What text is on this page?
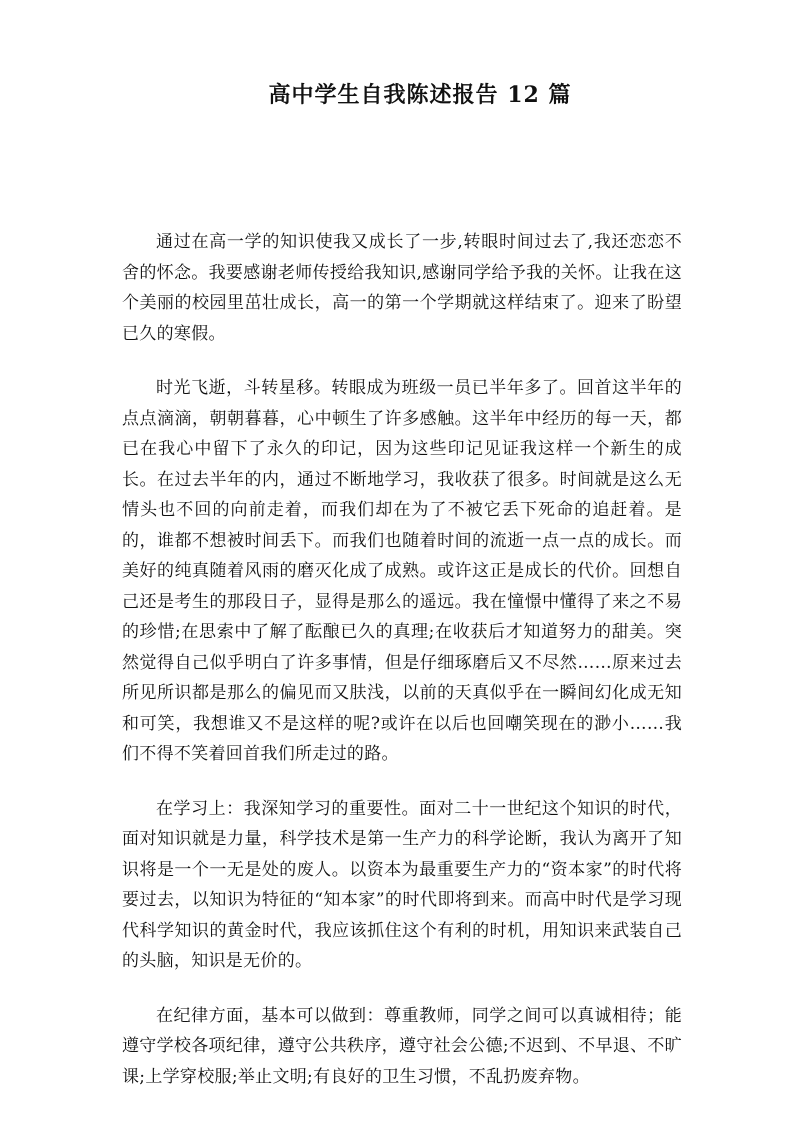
高中学生自我陈述报告 12 篇

通过在高一学的知识使我又成长了一步,转眼时间过去了,我还恋恋不舍的怀念。我要感谢老师传授给我知识,感谢同学给予我的关怀。让我在这个美丽的校园里茁壮成长，高一的第一个学期就这样结束了。迎来了盼望已久的寒假。

时光飞逝，斗转星移。转眼成为班级一员已半年多了。回首这半年的点点滴滴，朝朝暮暮，心中顿生了许多感触。这半年中经历的每一天，都已在我心中留下了永久的印记，因为这些印记见证我这样一个新生的成长。在过去半年的内，通过不断地学习，我收获了很多。时间就是这么无情头也不回的向前走着，而我们却在为了不被它丢下死命的追赶着。是的，谁都不想被时间丢下。而我们也随着时间的流逝一点一点的成长。而美好的纯真随着风雨的磨灭化成了成熟。或许这正是成长的代价。回想自己还是考生的那段日子，显得是那么的遥远。我在憧憬中懂得了来之不易的珍惜;在思索中了解了酝酿已久的真理;在收获后才知道努力的甜美。突然觉得自己似乎明白了许多事情，但是仔细琢磨后又不尽然……原来过去所见所识都是那么的偏见而又肤浅，以前的天真似乎在一瞬间幻化成无知和可笑，我想谁又不是这样的呢?或许在以后也回嘲笑现在的渺小……我们不得不笑着回首我们所走过的路。

在学习上：我深知学习的重要性。面对二十一世纪这个知识的时代，面对知识就是力量，科学技术是第一生产力的科学论断，我认为离开了知识将是一个一无是处的废人。以资本为最重要生产力的“资本家”的时代将要过去，以知识为特征的“知本家”的时代即将到来。而高中时代是学习现代科学知识的黄金时代，我应该抓住这个有利的时机，用知识来武装自己的头脑，知识是无价的。

在纪律方面，基本可以做到：尊重教师，同学之间可以真诚相待；能遵守学校各项纪律，遵守公共秩序，遵守社会公德;不迟到、不早退、不旷课;上学穿校服;举止文明;有良好的卫生习惯，不乱扔废弃物。
